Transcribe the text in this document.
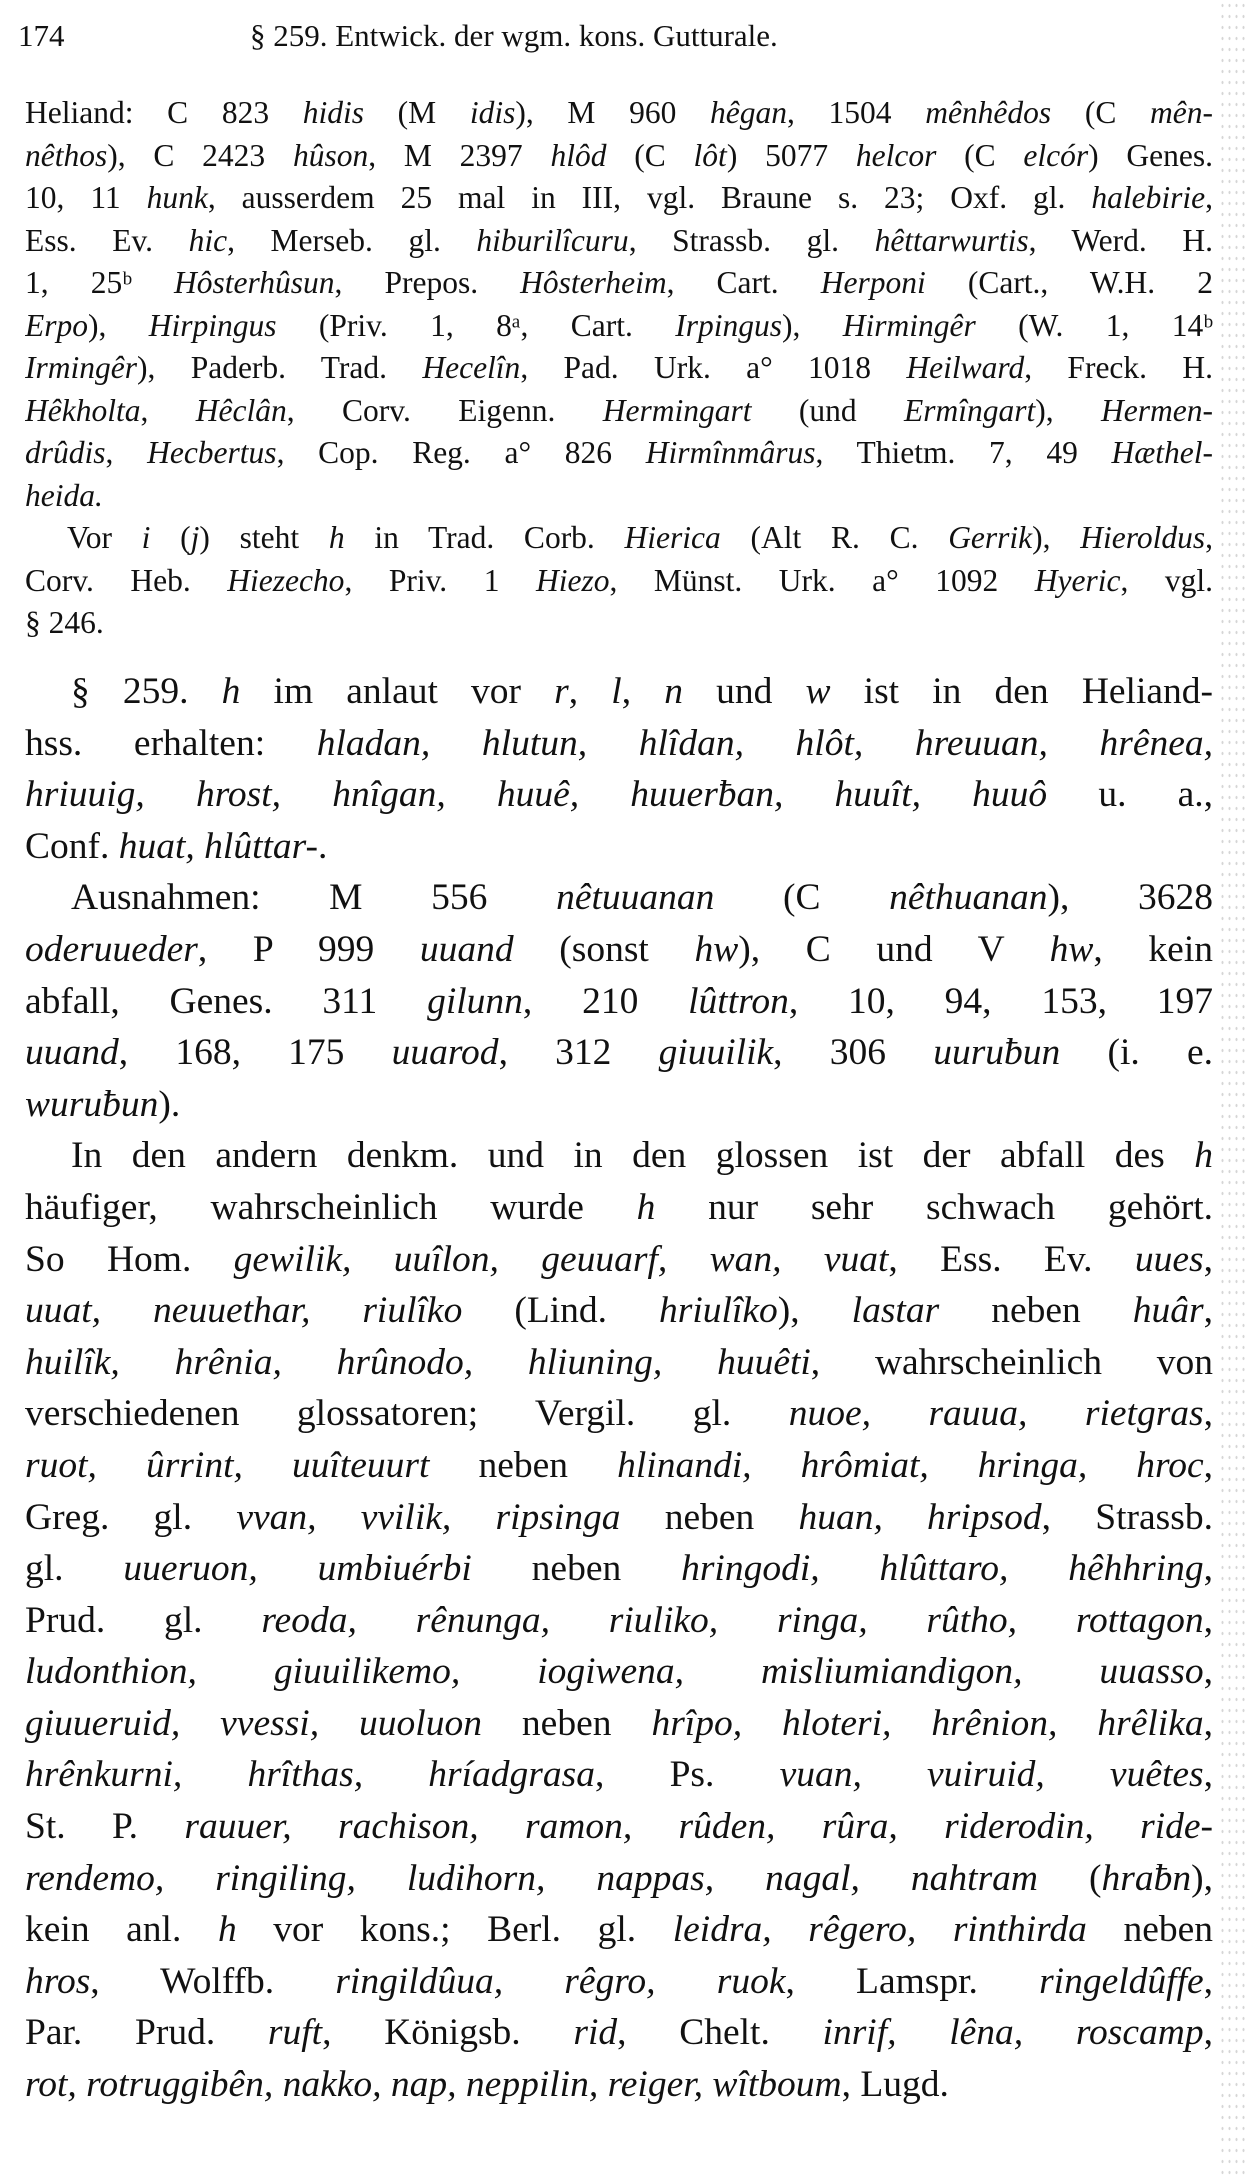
174	§ 259. Entwick. der wgm. kons. Gutturale.
Heliand: C 823 hidis (M idis), M 960 hêgan, 1504 mênhêdos (C mên-
nêthos), C 2423 hûson, M 2397 hlôd (C lôt) 5077 helcor (C elcór) Genes.
10, 11 hunk, ausserdem 25 mal in III, vgl. Braune s. 23; Oxf. gl. halebirie,
Ess. Ev. hic, Merseb. gl. hiburilîcuru, Strassb. gl. hêttarwurtis, Werd. H.
1, 25ᵇ Hôsterhûsun, Prepos. Hôsterheim, Cart. Herponi (Cart., W.H. 2
Erpo), Hirpingus (Priv. 1, 8ᵃ, Cart. Irpingus), Hirmingêr (W. 1, 14ᵇ
Irmingêr), Paderb. Trad. Hecelîn, Pad. Urk. a° 1018 Heilward, Freck. H.
Hêkholta, Hêclân, Corv. Eigenn. Hermingart (und Ermîngart), Hermen-
drûdis, Hecbertus, Cop. Reg. a° 826 Hirmînmârus, Thietm. 7, 49 Hæthel-
heida.
Vor i (j) steht h in Trad. Corb. Hierica (Alt R. C. Gerrik), Hieroldus,
Corv. Heb. Hiezecho, Priv. 1 Hiezo, Münst. Urk. a° 1092 Hyeric, vgl.
§ 246.
§ 259. h im anlaut vor r, l, n und w ist in den Heliand-
hss. erhalten: hladan, hlutun, hlîdan, hlôt, hreuuan, hrênea,
hriuuig, hrost, hnîgan, huuê, huuerƀan, huuît, huuô u. a.,
Conf. huat, hlûttar-.
Ausnahmen: M 556 nêtuuanan (C nêthuanan), 3628
oderuueder, P 999 uuand (sonst hw), C und V hw, kein
abfall, Genes. 311 gilunn, 210 lûttron, 10, 94, 153, 197
uuand, 168, 175 uuarod, 312 giuuilik, 306 uuruƀun (i. e.
wuruƀun).
In den andern denkm. und in den glossen ist der abfall des h
häufiger, wahrscheinlich wurde h nur sehr schwach gehört.
So Hom. gewilik, uuîlon, geuuarf, wan, vuat, Ess. Ev. uues,
uuat, neuuethar, riulîko (Lind. hriulîko), lastar neben huâr,
huilîk, hrênia, hrûnodo, hliuning, huuêti, wahrscheinlich von
verschiedenen glossatoren; Vergil. gl. nuoe, rauua, rietgras,
ruot, ûrrint, uuîteuurt neben hlinandi, hrômiat, hringa, hroc,
Greg. gl. vvan, vvilik, ripsinga neben huan, hripsod, Strassb.
gl. uueruon, umbiuérbi neben hringodi, hlûttaro, hêhhring,
Prud. gl. reoda, rênunga, riuliko, ringa, rûtho, rottagon,
ludonthion, giuuilikemo, iogiwena, misliumiandigon, uuasso,
giuueruid, vvessi, uuoluon neben hrîpo, hloteri, hrênion, hrêlika,
hrênkurni, hrîthas, hríadgrasa, Ps. vuan, vuiruid, vuêtes,
St. P. rauuer, rachison, ramon, rûden, rûra, riderodin, ride-
rendemo, ringiling, ludihorn, nappas, nagal, nahtram (hraƀn),
kein anl. h vor kons.; Berl. gl. leidra, rêgero, rinthirda neben
hros, Wolffb. ringildûua, rêgro, ruok, Lamspr. ringeldûffe,
Par. Prud. ruft, Königsb. rid, Chelt. inrif, lêna, roscamp,
rot, rotruggibên, nakko, nap, neppilin, reiger, wîtboum, Lugd.
